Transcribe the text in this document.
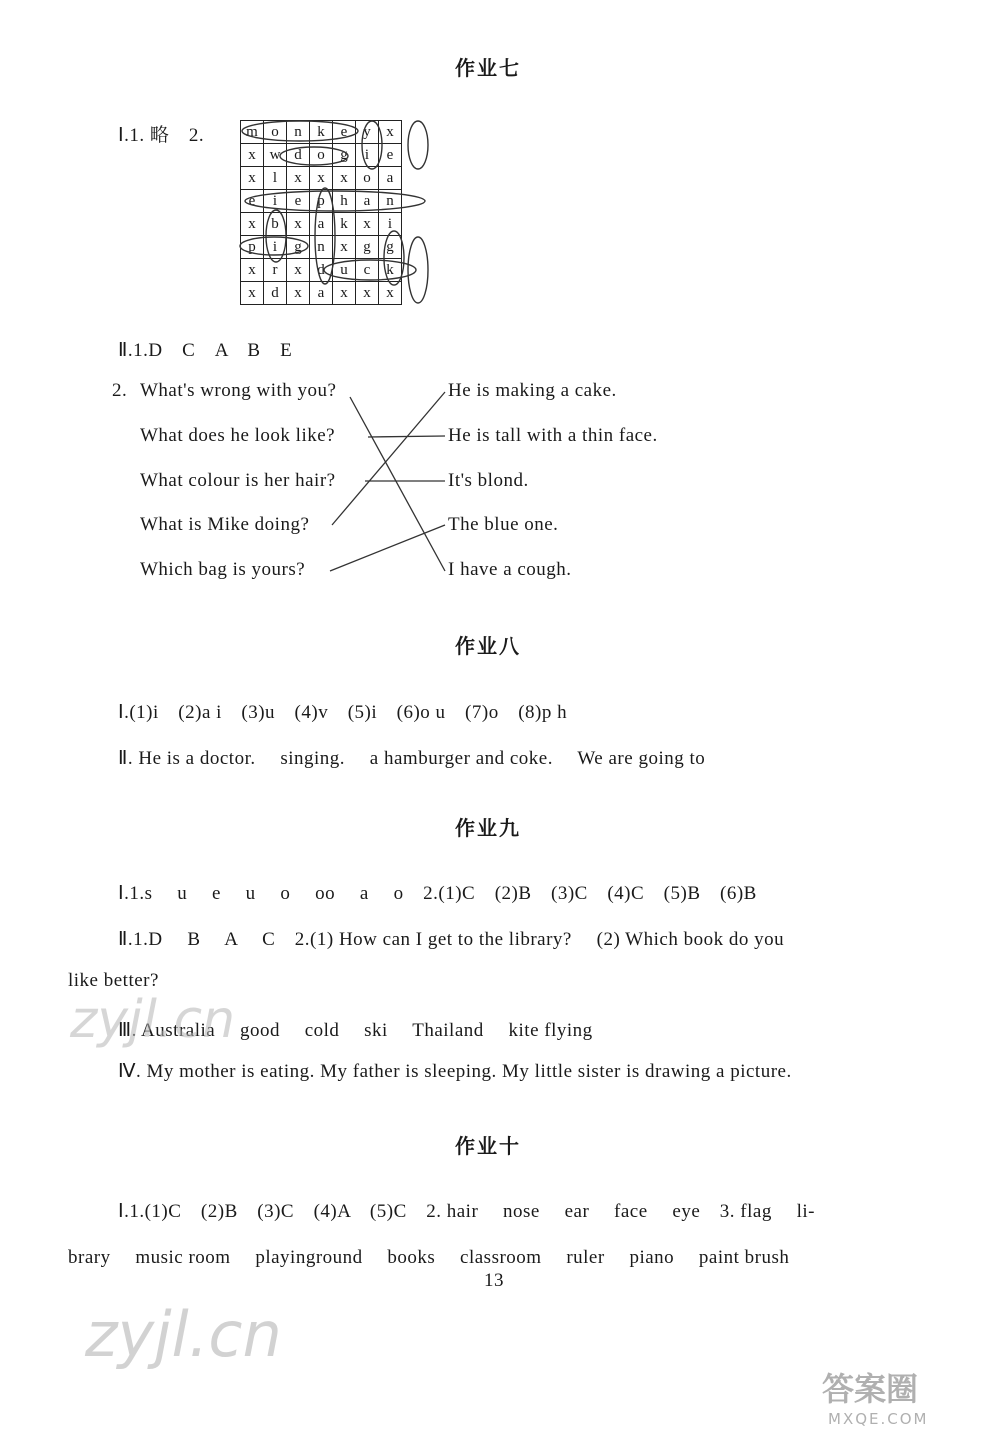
作业七
Ⅰ.1. 略　2.	m	o	n	k	e	y	x
x	w	d	o	g	i	e
x	l	x	x	x	o	a
e	i	e	p	h	a	n
x	b	x	a	k	x	i
p	i	g	n	x	g	g
x	r	x	d	u	c	k
x	d	x	a	x	x	x
Ⅱ.1.D　C　A　B　E
2. What's wrong with you?
What does he look like?
What colour is her hair?
What is Mike doing?
Which bag is yours?
He is making a cake.
He is tall with a thin face.
It's blond.
The blue one.
I have a cough.
作业八
Ⅰ.(1)i　(2)a i　(3)u　(4)v　(5)i　(6)o u　(7)o　(8)p h
Ⅱ. He is a doctor.　 singing.　 a hamburger and coke.　 We are going to
作业九
Ⅰ.1.s　 u　 e　 u　 o　 oo　 a　 o　2.(1)C　(2)B　(3)C　(4)C　(5)B　(6)B
Ⅱ.1.D　 B　 A　 C　2.(1) How can I get to the library?　 (2) Which book do you
like better?
Ⅲ. Australia　 good　 cold　 ski　 Thailand　 kite flying
Ⅳ. My mother is eating. My father is sleeping. My little sister is drawing a picture.
作业十
Ⅰ.1.(1)C　(2)B　(3)C　(4)A　(5)C　2. hair　 nose　 ear　 face　 eye　3. flag　 li-
brary　 music room　 playinground　 books　 classroom　 ruler　 piano　 paint brush
13
zyjl.cn
zyjl.cn
答案圈
MXQE.COM
